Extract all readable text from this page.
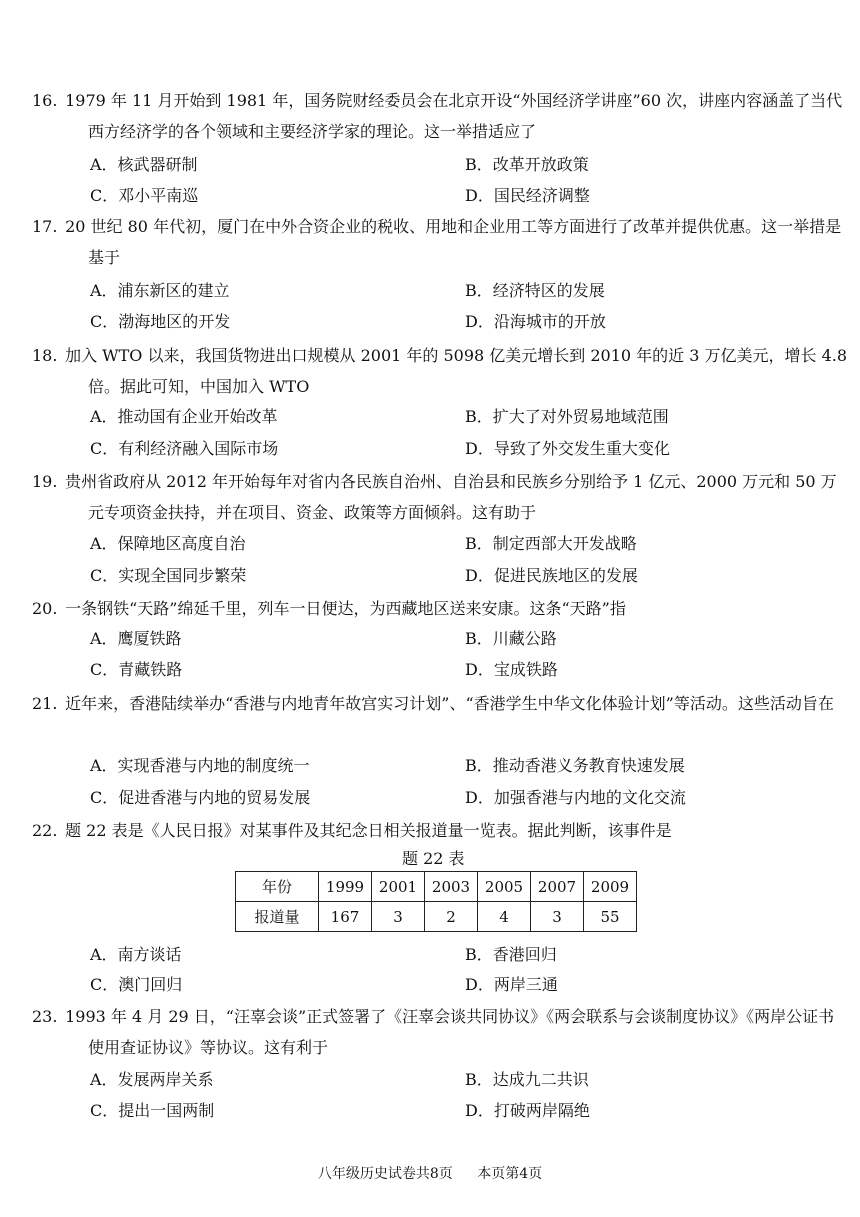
16. 1979 年 11 月开始到 1981 年，国务院财经委员会在北京开设“外国经济学讲座”60 次，讲座内容涵盖了当代西方经济学的各个领域和主要经济学家的理论。这一举措适应了
A．核武器研制	B．改革开放政策
C．邓小平南巡	D．国民经济调整
17. 20 世纪 80 年代初，厦门在中外合资企业的税收、用地和企业用工等方面进行了改革并提供优惠。这一举措是基于
A．浦东新区的建立	B．经济特区的发展
C．渤海地区的开发	D．沿海城市的开放
18. 加入 WTO 以来，我国货物进出口规模从 2001 年的 5098 亿美元增长到 2010 年的近 3 万亿美元，增长 4.8 倍。据此可知，中国加入 WTO
A．推动国有企业开始改革	B．扩大了对外贸易地域范围
C．有利经济融入国际市场	D．导致了外交发生重大变化
19. 贵州省政府从 2012 年开始每年对省内各民族自治州、自治县和民族乡分别给予 1 亿元、2000 万元和 50 万元专项资金扶持，并在项目、资金、政策等方面倾斜。这有助于
A．保障地区高度自治	B．制定西部大开发战略
C．实现全国同步繁荣	D．促进民族地区的发展
20. 一条钢铁“天路”绵延千里，列车一日便达，为西藏地区送来安康。这条“天路”指
A．鹰厦铁路	B．川藏公路
C．青藏铁路	D．宝成铁路
21. 近年来，香港陆续举办“香港与内地青年故宫实习计划”、“香港学生中华文化体验计划”等活动。这些活动旨在
A．实现香港与内地的制度统一	B．推动香港义务教育快速发展
C．促进香港与内地的贸易发展	D．加强香港与内地的文化交流
22. 题 22 表是《人民日报》对某事件及其纪念日相关报道量一览表。据此判断，该事件是
题 22 表
年份	1999	2001	2003	2005	2007	2009
报道量	167	3	2	4	3	55
A．南方谈话	B．香港回归
C．澳门回归	D．两岸三通
23. 1993 年 4 月 29 日，“汪辜会谈”正式签署了《汪辜会谈共同协议》《两会联系与会谈制度协议》《两岸公证书使用查证协议》等协议。这有利于
A．发展两岸关系	B．达成九二共识
C．提出一国两制	D．打破两岸隔绝
八年级历史试卷共8页 本页第4页
